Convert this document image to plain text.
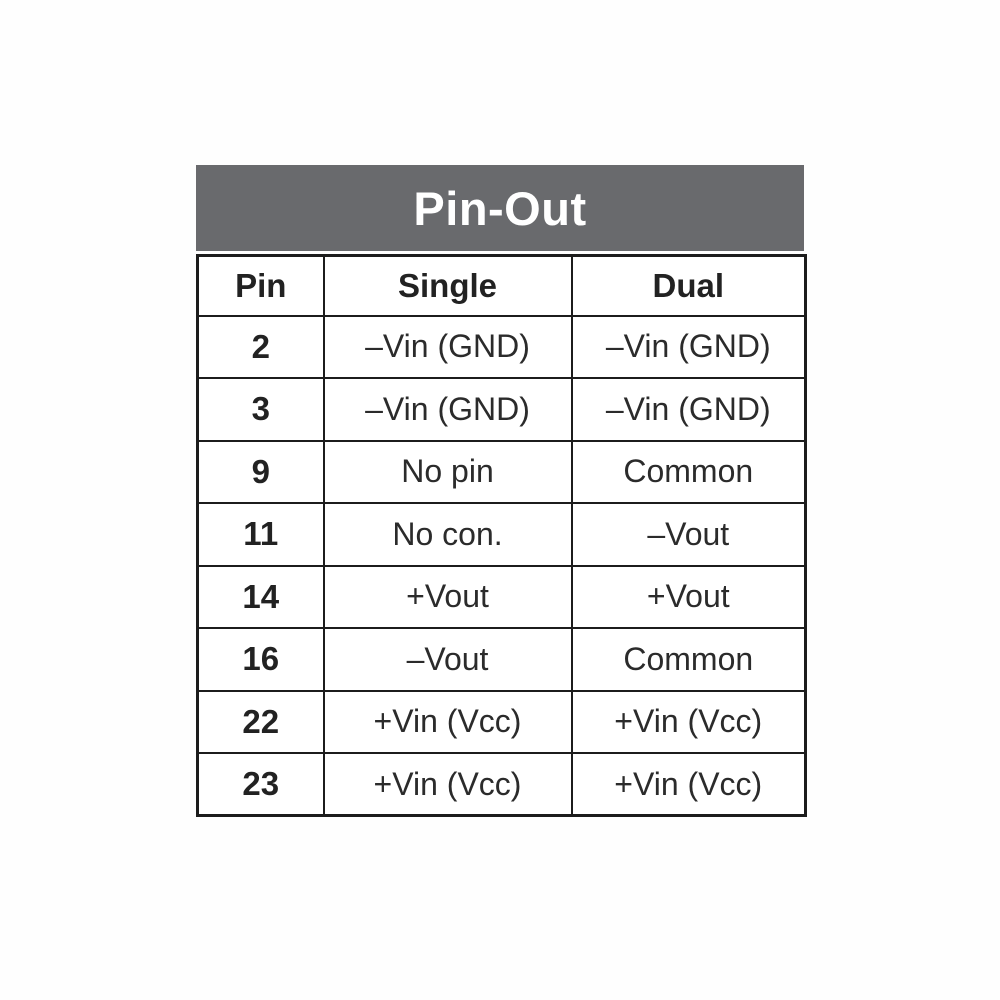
Pin-Out
Pin	Single	Dual
2	–Vin (GND)	–Vin (GND)
3	–Vin (GND)	–Vin (GND)
9	No pin	Common
11	No con.	–Vout
14	+Vout	+Vout
16	–Vout	Common
22	+Vin (Vcc)	+Vin (Vcc)
23	+Vin (Vcc)	+Vin (Vcc)
